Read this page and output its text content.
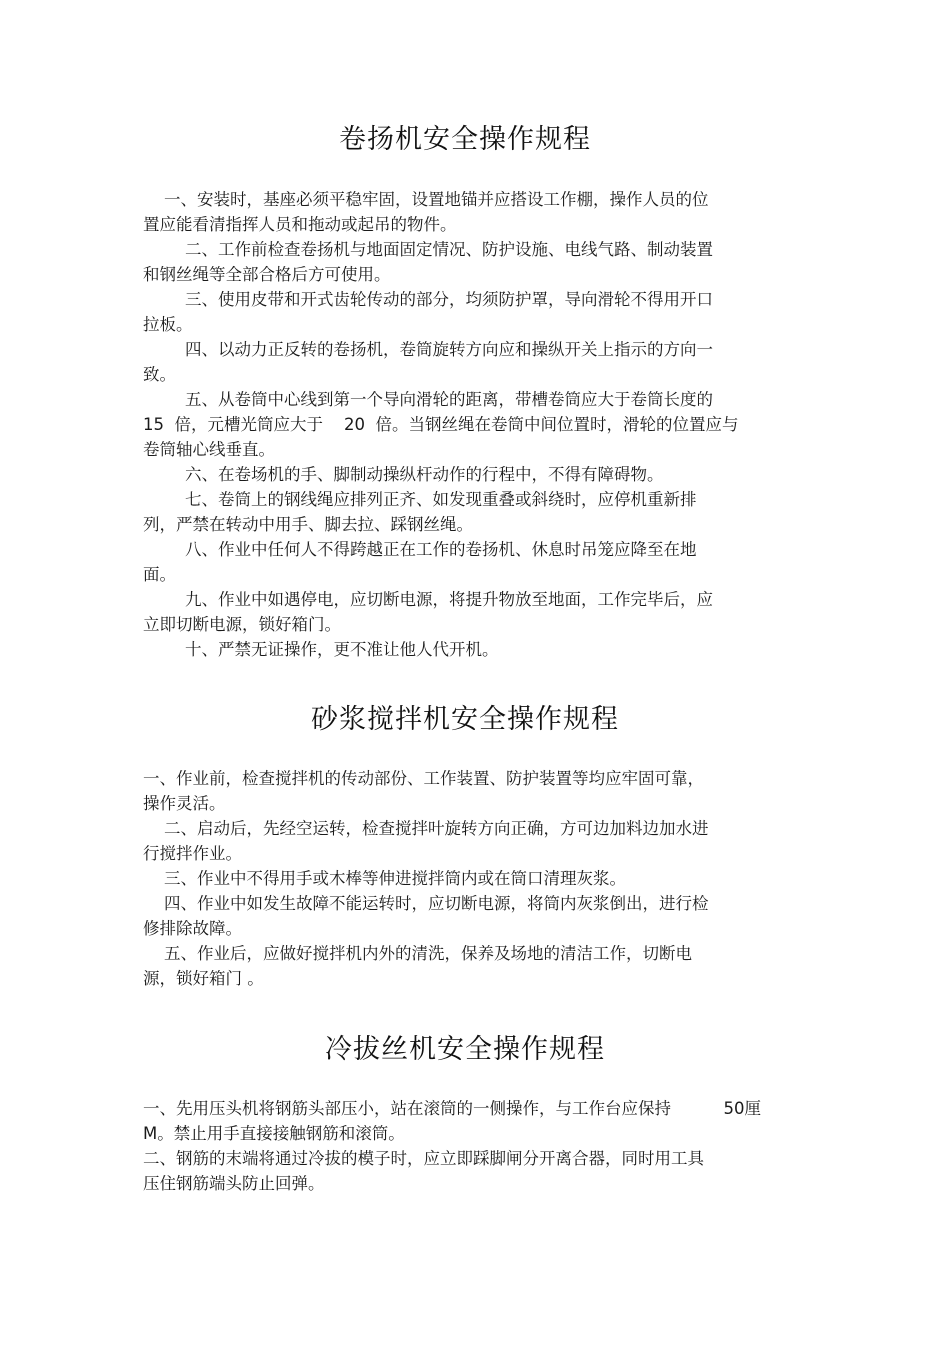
卷扬机安全操作规程
一、安装时，基座必须平稳牢固，设置地锚并应搭设工作棚，操作人员的位
置应能看清指挥人员和拖动或起吊的物件。
二、工作前检查卷扬机与地面固定情况、防护设施、电线气路、制动装置
和钢丝绳等全部合格后方可使用。
三、使用皮带和开式齿轮传动的部分，均须防护罩，导向滑轮不得用开口
拉板。
四、以动力正反转的卷扬机，卷筒旋转方向应和操纵开关上指示的方向一
致。
五、从卷筒中心线到第一个导向滑轮的距离，带槽卷筒应大于卷筒长度的
15  倍，元槽光筒应大于    20  倍。当钢丝绳在卷筒中间位置时，滑轮的位置应与
卷筒轴心线垂直。
六、在卷场机的手、脚制动操纵杆动作的行程中，不得有障碍物。
七、卷筒上的钢线绳应排列正齐、如发现重叠或斜绕时，应停机重新排
列，严禁在转动中用手、脚去拉、踩钢丝绳。
八、作业中任何人不得跨越正在工作的卷扬机、休息时吊笼应降至在地
面。
九、作业中如遇停电，应切断电源，将提升物放至地面，工作完毕后，应
立即切断电源，锁好箱门。
十、严禁无证操作，更不准让他人代开机。
砂浆搅拌机安全操作规程
一、作业前，检查搅拌机的传动部份、工作装置、防护装置等均应牢固可靠，
操作灵活。
二、启动后，先经空运转，检查搅拌叶旋转方向正确，方可边加料边加水进
行搅拌作业。
三、作业中不得用手或木棒等伸进搅拌筒内或在筒口清理灰浆。
四、作业中如发生故障不能运转时，应切断电源，将筒内灰浆倒出，进行检
修排除故障。
五、作业后，应做好搅拌机内外的清洗，保养及场地的清洁工作，切断电
源，锁好箱门 。
冷拔丝机安全操作规程
一、先用压头机将钢筋头部压小，站在滚筒的一侧操作，与工作台应保持          50厘
M。禁止用手直接接触钢筋和滚筒。
二、钢筋的末端将通过冷拔的模子时，应立即踩脚闸分开离合器，同时用工具
压住钢筋端头防止回弹。
